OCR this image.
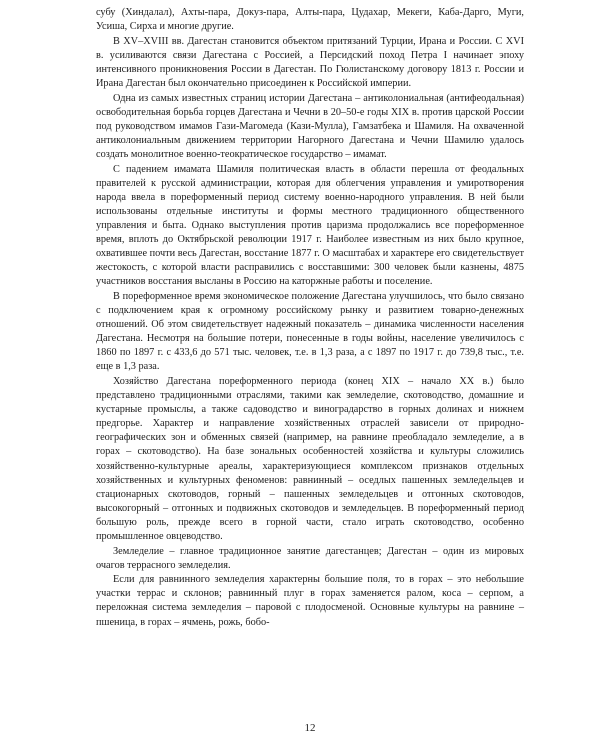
субу (Хиндалал), Ахты-пара, Докуз-пара, Алты-пара, Цудахар, Мекеги, Каба-Дарго, Муги, Усиша, Сирха и многие другие.

В XV–XVIII вв. Дагестан становится объектом притязаний Турции, Ирана и России. С XVI в. усиливаются связи Дагестана с Россией, а Персидский поход Петра I начинает эпоху интенсивного проникновения России в Дагестан. По Гюлистанскому договору 1813 г. России и Ирана Дагестан был окончательно присоединен к Российской империи.

Одна из самых известных страниц истории Дагестана – антиколониальная (антифеодальная) освободительная борьба горцев Дагестана и Чечни в 20–50-е годы XIX в. против царской России под руководством имамов Гази-Магомеда (Кази-Мулла), Гамзатбека и Шамиля. На охваченной антиколониальным движением территории Нагорного Дагестана и Чечни Шамилю удалось создать монолитное военно-теократическое государство – имамат.

С падением имамата Шамиля политическая власть в области перешла от феодальных правителей к русской администрации, которая для облегчения управления и умиротворения народа ввела в пореформенный период систему военно-народного управления. В ней были использованы отдельные институты и формы местного традиционного общественного управления и быта. Однако выступления против царизма продолжались все пореформенное время, вплоть до Октябрьской революции 1917 г. Наиболее известным из них было крупное, охватившее почти весь Дагестан, восстание 1877 г. О масштабах и характере его свидетельствует жестокость, с которой власти расправились с восставшими: 300 человек были казнены, 4875 участников восстания высланы в Россию на каторжные работы и поселение.

В пореформенное время экономическое положение Дагестана улучшилось, что было связано с подключением края к огромному российскому рынку и развитием товарно-денежных отношений. Об этом свидетельствует надежный показатель – динамика численности населения Дагестана. Несмотря на большие потери, понесенные в годы войны, население увеличилось с 1860 по 1897 г. с 433,6 до 571 тыс. человек, т.е. в 1,3 раза, а с 1897 по 1917 г. до 739,8 тыс., т.е. еще в 1,3 раза.

Хозяйство Дагестана пореформенного периода (конец XIX – начало XX в.) было представлено традиционными отраслями, такими как земледелие, скотоводство, домашние и кустарные промыслы, а также садоводство и виноградарство в горных долинах и нижнем предгорье. Характер и направление хозяйственных отраслей зависели от природно-географических зон и обменных связей (например, на равнине преобладало земледелие, а в горах – скотоводство). На базе зональных особенностей хозяйства и культуры сложились хозяйственно-культурные ареалы, характеризующиеся комплексом признаков отдельных хозяйственных и культурных феноменов: равнинный – оседлых пашенных земледельцев и стационарных скотоводов, горный – пашенных земледельцев и отгонных скотоводов, высокогорный – отгонных и подвижных скотоводов и земледельцев. В пореформенный период большую роль, прежде всего в горной части, стало играть скотоводство, особенно промышленное овцеводство.

Земледелие – главное традиционное занятие дагестанцев; Дагестан – один из мировых очагов террасного земледелия.

Если для равнинного земледелия характерны большие поля, то в горах – это небольшие участки террас и склонов; равнинный плуг в горах заменяется ралом, коса – серпом, а переложная система земледелия – паровой с плодосменой. Основные культуры на равнине – пшеница, в горах – ячмень, рожь, бобо-

12
